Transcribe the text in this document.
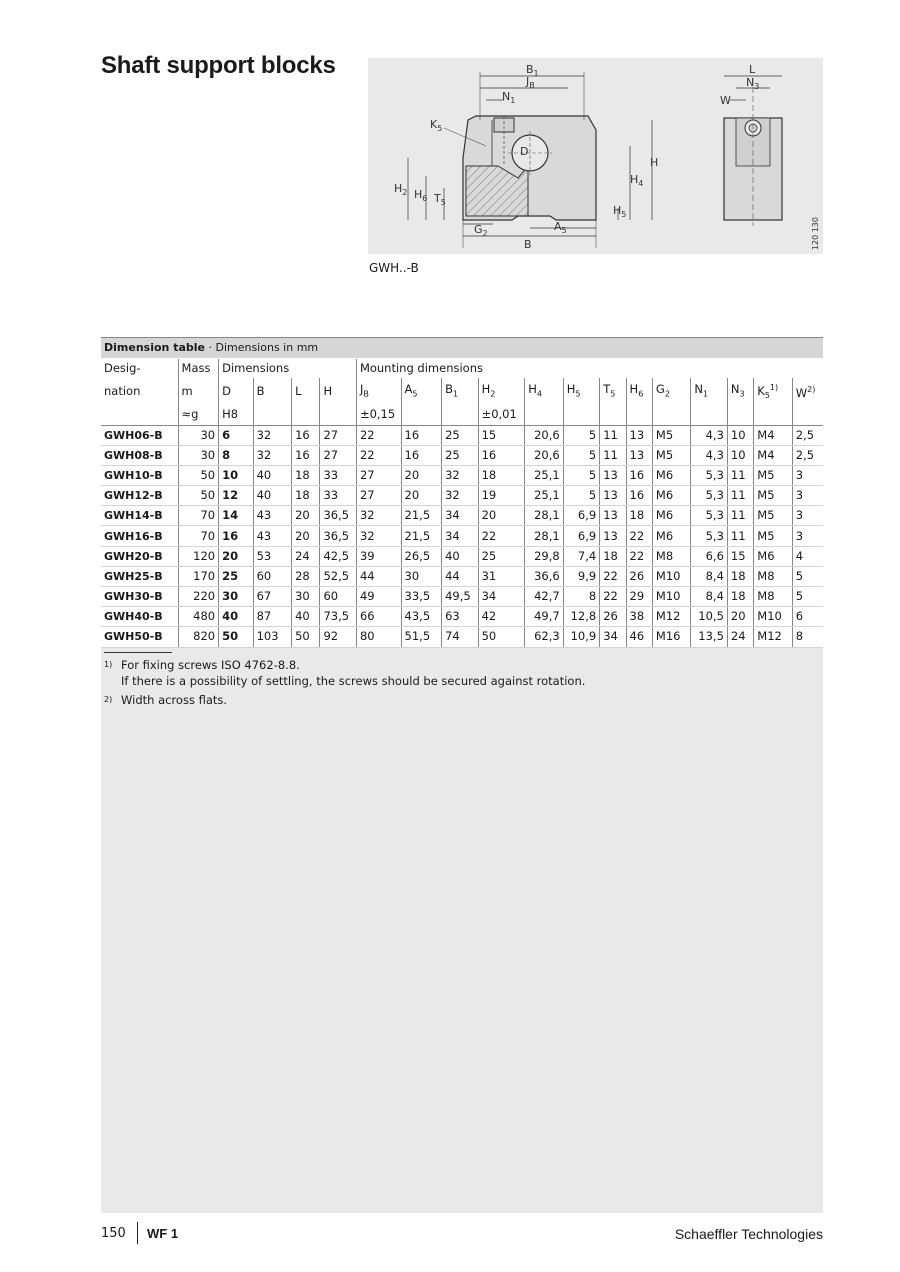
Shaft support blocks	$B_1$
$J_B$
$N_1$
$K_5$
D
H
$H_4$
$H_5$
$H_2$ $H_6$ $T_5$
$G_2$
$A_5$
B
L
$N_3$
W
120 130
GWH..-B
Dimension table · Dimensions in mm
Desig-	Mass	Dimensions				Mounting dimensions												
nation	m	D	B	L	H	$J_B$	$A_5$	$B_1$	$H_2$	$H_4$	$H_5$	$T_5$	$H_6$	$G_2$	$N_1$	$N_3$	$K_5^{1)}$	$W^{2)}$
	≈g	H8				±0,15			±0,01									
GWH06-B	30	6	32	16	27	22	16	25	15	20,6	5	11	13	M5	4,3	10	M4	2,5
GWH08-B	30	8	32	16	27	22	16	25	16	20,6	5	11	13	M5	4,3	10	M4	2,5
GWH10-B	50	10	40	18	33	27	20	32	18	25,1	5	13	16	M6	5,3	11	M5	3
GWH12-B	50	12	40	18	33	27	20	32	19	25,1	5	13	16	M6	5,3	11	M5	3
GWH14-B	70	14	43	20	36,5	32	21,5	34	20	28,1	6,9	13	18	M6	5,3	11	M5	3
GWH16-B	70	16	43	20	36,5	32	21,5	34	22	28,1	6,9	13	22	M6	5,3	11	M5	3
GWH20-B	120	20	53	24	42,5	39	26,5	40	25	29,8	7,4	18	22	M8	6,6	15	M6	4
GWH25-B	170	25	60	28	52,5	44	30	44	31	36,6	9,9	22	26	M10	8,4	18	M8	5
GWH30-B	220	30	67	30	60	49	33,5	49,5	34	42,7	8	22	29	M10	8,4	18	M8	5
GWH40-B	480	40	87	40	73,5	66	43,5	63	42	49,7	12,8	26	38	M12	10,5	20	M10	6
GWH50-B	820	50	103	50	92	80	51,5	74	50	62,3	10,9	34	46	M16	13,5	24	M12	8
1) For fixing screws ISO 4762-8.8.
If there is a possibility of settling, the screws should be secured against rotation.
2) Width across flats.
150 WF 1	Schaeffler Technologies
